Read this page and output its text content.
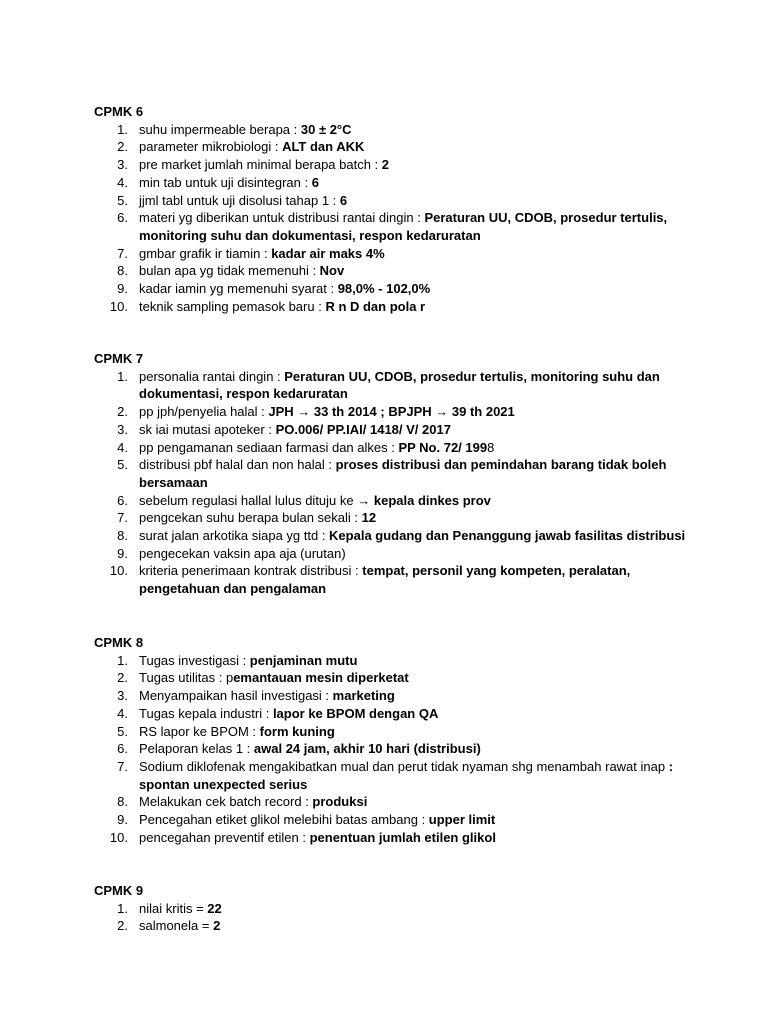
CPMK 6

1. suhu impermeable berapa : 30 ± 2°C
2. parameter mikrobiologi : ALT dan AKK
3. pre market jumlah minimal berapa batch : 2
4. min tab untuk uji disintegran : 6
5. jjml tabl untuk uji disolusi tahap 1 : 6
6. materi yg diberikan untuk distribusi rantai dingin : Peraturan UU, CDOB, prosedur tertulis, monitoring suhu dan dokumentasi, respon kedaruratan
7. gmbar grafik ir tiamin : kadar air maks 4%
8. bulan apa yg tidak memenuhi : Nov
9. kadar iamin yg memenuhi syarat : 98,0% - 102,0%
10. teknik sampling pemasok baru : R n D dan pola r

CPMK 7

1. personalia rantai dingin : Peraturan UU, CDOB, prosedur tertulis, monitoring suhu dan dokumentasi, respon kedaruratan
2. pp jph/penyelia halal : JPH → 33 th 2014 ; BPJPH → 39 th 2021
3. sk iai mutasi apoteker : PO.006/ PP.IAI/ 1418/ V/ 2017
4. pp pengamanan sediaan farmasi dan alkes : PP No. 72/ 1998
5. distribusi pbf halal dan non halal : proses distribusi dan pemindahan barang tidak boleh bersamaan
6. sebelum regulasi hallal lulus dituju ke → kepala dinkes prov
7. pengcekan suhu berapa bulan sekali : 12
8. surat jalan arkotika siapa yg ttd : Kepala gudang dan Penanggung jawab fasilitas distribusi
9. pengecekan vaksin apa aja (urutan)
10. kriteria penerimaan kontrak distribusi : tempat, personil yang kompeten, peralatan, pengetahuan dan pengalaman

CPMK 8

1. Tugas investigasi : penjaminan mutu
2. Tugas utilitas : pemantauan mesin diperketat
3. Menyampaikan hasil investigasi : marketing
4. Tugas kepala industri : lapor ke BPOM dengan QA
5. RS lapor ke BPOM : form kuning
6. Pelaporan kelas 1 : awal 24 jam, akhir 10 hari (distribusi)
7. Sodium diklofenak mengakibatkan mual dan perut tidak nyaman shg menambah rawat inap : spontan unexpected serius
8. Melakukan cek batch record : produksi
9. Pencegahan etiket glikol melebihi batas ambang : upper limit
10. pencegahan preventif etilen : penentuan jumlah etilen glikol

CPMK 9

1. nilai kritis = 22
2. salmonela = 2
